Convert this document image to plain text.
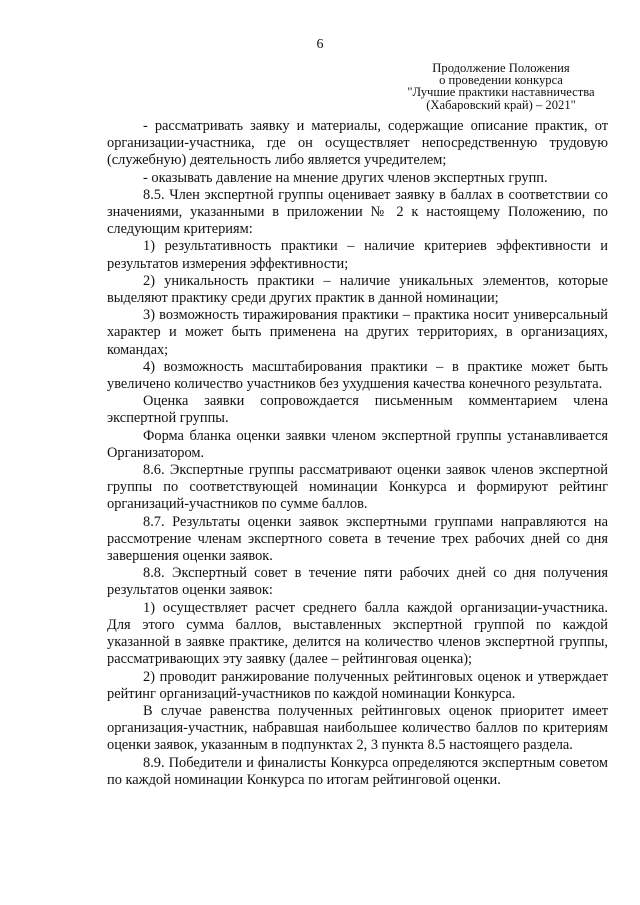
6
Продолжение Положения
о проведении конкурса
"Лучшие практики наставничества
(Хабаровский край) – 2021"

- рассматривать заявку и материалы, содержащие описание практик, от организации-участника, где он осуществляет непосредственную трудовую (служебную) деятельность либо является учредителем;

- оказывать давление на мнение других членов экспертных групп.

8.5. Член экспертной группы оценивает заявку в баллах в соответствии со значениями, указанными в приложении № 2 к настоящему Положению, по следующим критериям:

1) результативность практики – наличие критериев эффективности и результатов измерения эффективности;

2) уникальность практики – наличие уникальных элементов, которые выделяют практику среди других практик в данной номинации;

3) возможность тиражирования практики – практика носит универсальный характер и может быть применена на других территориях, в организациях, командах;

4) возможность масштабирования практики – в практике может быть увеличено количество участников без ухудшения качества конечного результата.

Оценка заявки сопровождается письменным комментарием члена экспертной группы.

Форма бланка оценки заявки членом экспертной группы устанавливается Организатором.

8.6. Экспертные группы рассматривают оценки заявок членов экспертной группы по соответствующей номинации Конкурса и формируют рейтинг организаций-участников по сумме баллов.

8.7. Результаты оценки заявок экспертными группами направляются на рассмотрение членам экспертного совета в течение трех рабочих дней со дня завершения оценки заявок.

8.8. Экспертный совет в течение пяти рабочих дней со дня получения результатов оценки заявок:

1) осуществляет расчет среднего балла каждой организации-участника. Для этого сумма баллов, выставленных экспертной группой по каждой указанной в заявке практике, делится на количество членов экспертной группы, рассматривающих эту заявку (далее – рейтинговая оценка);

2) проводит ранжирование полученных рейтинговых оценок и утверждает рейтинг организаций-участников по каждой номинации Конкурса.

В случае равенства полученных рейтинговых оценок приоритет имеет организация-участник, набравшая наибольшее количество баллов по критериям оценки заявок, указанным в подпунктах 2, 3 пункта 8.5 настоящего раздела.

8.9. Победители и финалисты Конкурса определяются экспертным советом по каждой номинации Конкурса по итогам рейтинговой оценки.
